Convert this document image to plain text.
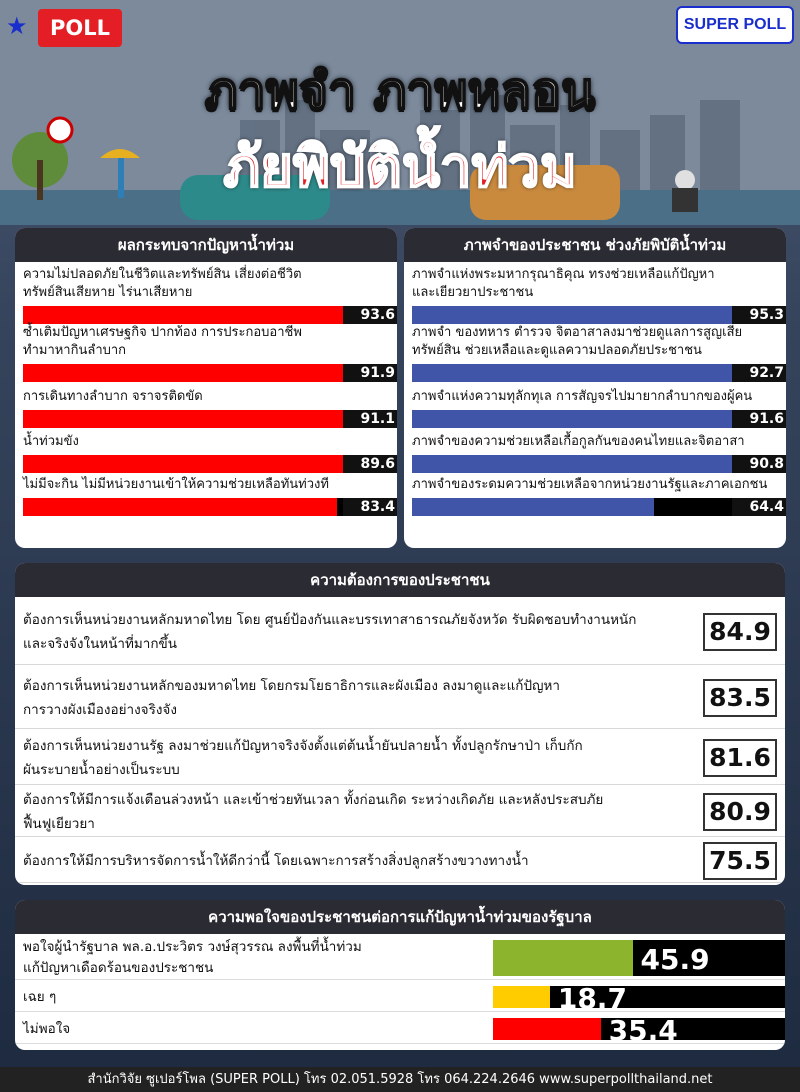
★	POLL	SUPER POLL
ภาพจำ ภาพหลอน
ภัยพิบัติน้ำท่วม
ผลกระทบจากปัญหาน้ำท่วม
ความไม่ปลอดภัยในชีวิตและทรัพย์สิน เสี่ยงต่อชีวิต
ทรัพย์สินเสียหาย ไร่นาเสียหาย
93.6
ซ้ำเติมปัญหาเศรษฐกิจ ปากท้อง การประกอบอาชีพ
ทำมาหากินลำบาก
91.9
การเดินทางลำบาก จราจรติดขัด
91.1
น้ำท่วมขัง
89.6
ไม่มีจะกิน ไม่มีหน่วยงานเข้าให้ความช่วยเหลือทันท่วงที
83.4
ภาพจำของประชาชน ช่วงภัยพิบัติน้ำท่วม
ภาพจำแห่งพระมหากรุณาธิคุณ ทรงช่วยเหลือแก้ปัญหา
และเยียวยาประชาชน
95.3
ภาพจำ ของทหาร ตำรวจ จิตอาสาลงมาช่วยดูแลการสูญเสีย
ทรัพย์สิน ช่วยเหลือและดูแลความปลอดภัยประชาชน
92.7
ภาพจำแห่งความทุลักทุเล การสัญจรไปมายากลำบากของผู้คน
91.6
ภาพจำของความช่วยเหลือเกื้อกูลกันของคนไทยและจิตอาสา
90.8
ภาพจำของระดมความช่วยเหลือจากหน่วยงานรัฐและภาคเอกชน
64.4
ความต้องการของประชาชน
ต้องการเห็นหน่วยงานหลักมหาดไทย โดย ศูนย์ป้องกันและบรรเทาสาธารณภัยจังหวัด รับผิดชอบทำงานหนัก
และจริงจังในหน้าที่มากขึ้น	84.9
ต้องการเห็นหน่วยงานหลักของมหาดไทย โดยกรมโยธาธิการและผังเมือง ลงมาดูและแก้ปัญหา
การวางผังเมืองอย่างจริงจัง	83.5
ต้องการเห็นหน่วยงานรัฐ ลงมาช่วยแก้ปัญหาจริงจังตั้งแต่ต้นน้ำยันปลายน้ำ ทั้งปลูกรักษาป่า เก็บกัก
ผันระบายน้ำอย่างเป็นระบบ	81.6
ต้องการให้มีการแจ้งเตือนล่วงหน้า และเข้าช่วยทันเวลา ทั้งก่อนเกิด ระหว่างเกิดภัย และหลังประสบภัย
ฟื้นฟูเยียวยา	80.9
ต้องการให้มีการบริหารจัดการน้ำให้ดีกว่านี้ โดยเฉพาะการสร้างสิ่งปลูกสร้างขวางทางน้ำ	75.5
ความพอใจของประชาชนต่อการแก้ปัญหาน้ำท่วมของรัฐบาล
พอใจผู้นำรัฐบาล พล.อ.ประวิตร วงษ์สุวรรณ ลงพื้นที่น้ำท่วม
แก้ปัญหาเดือดร้อนของประชาชน	45.9
เฉย ๆ	18.7
ไม่พอใจ	35.4
สำนักวิจัย ซูเปอร์โพล (SUPER POLL) โทร 02.051.5928 โทร 064.224.2646 www.superpollthailand.net
